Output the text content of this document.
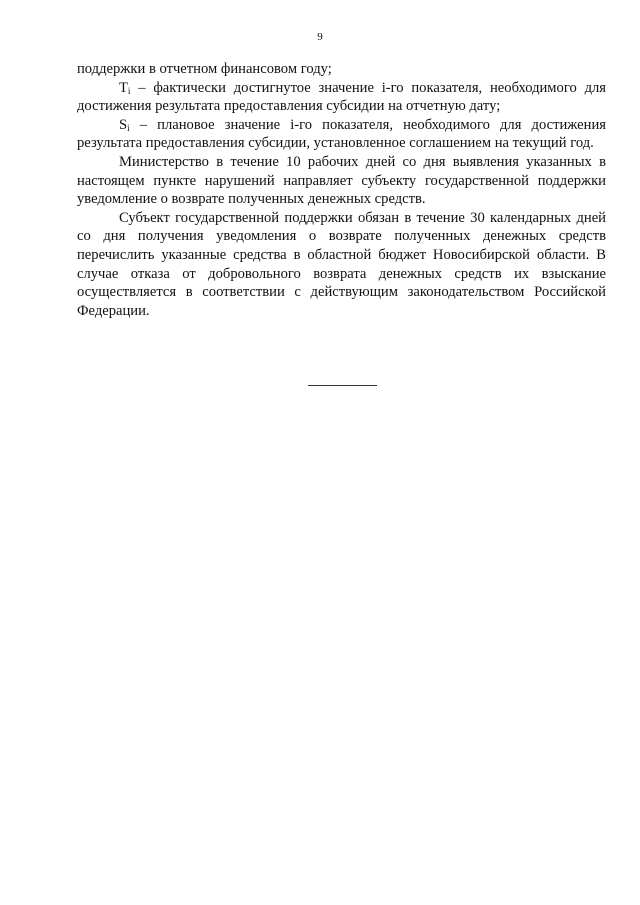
9

поддержки в отчетном финансовом году;

$T_i$ – фактически достигнутое значение i-го показателя, необходимого для достижения результата предоставления субсидии на отчетную дату;

$S_i$ – плановое значение i-го показателя, необходимого для достижения результата предоставления субсидии, установленное соглашением на текущий год.

Министерство в течение 10 рабочих дней со дня выявления указанных в настоящем пункте нарушений направляет субъекту государственной поддержки уведомление о возврате полученных денежных средств.

Субъект государственной поддержки обязан в течение 30 календарных дней со дня получения уведомления о возврате полученных денежных средств перечислить указанные средства в областной бюджет Новосибирской области. В случае отказа от добровольного возврата денежных средств их взыскание осуществляется в соответствии с действующим законодательством Российской Федерации.
